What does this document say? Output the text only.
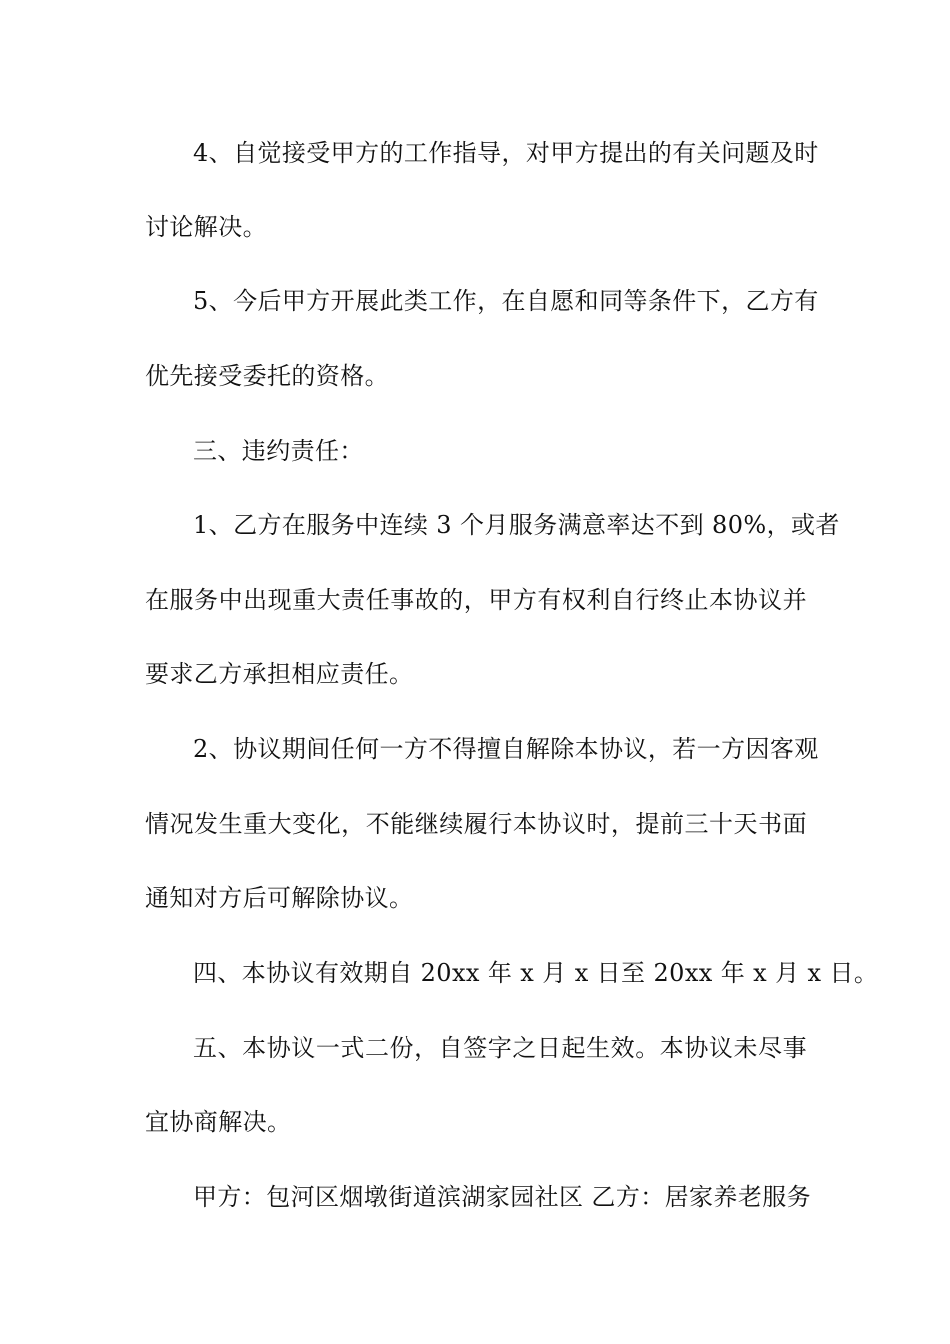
4、自觉接受甲方的工作指导，对甲方提出的有关问题及时
讨论解决。
5、今后甲方开展此类工作，在自愿和同等条件下，乙方有
优先接受委托的资格。
三、违约责任：
1、乙方在服务中连续 3 个月服务满意率达不到 80%，或者
在服务中出现重大责任事故的，甲方有权利自行终止本协议并
要求乙方承担相应责任。
2、协议期间任何一方不得擅自解除本协议，若一方因客观
情况发生重大变化，不能继续履行本协议时，提前三十天书面
通知对方后可解除协议。
四、本协议有效期自 20xx 年 x 月 x 日至 20xx 年 x 月 x 日。
五、本协议一式二份，自签字之日起生效。本协议未尽事
宜协商解决。
甲方：包河区烟墩街道滨湖家园社区 乙方：居家养老服务
